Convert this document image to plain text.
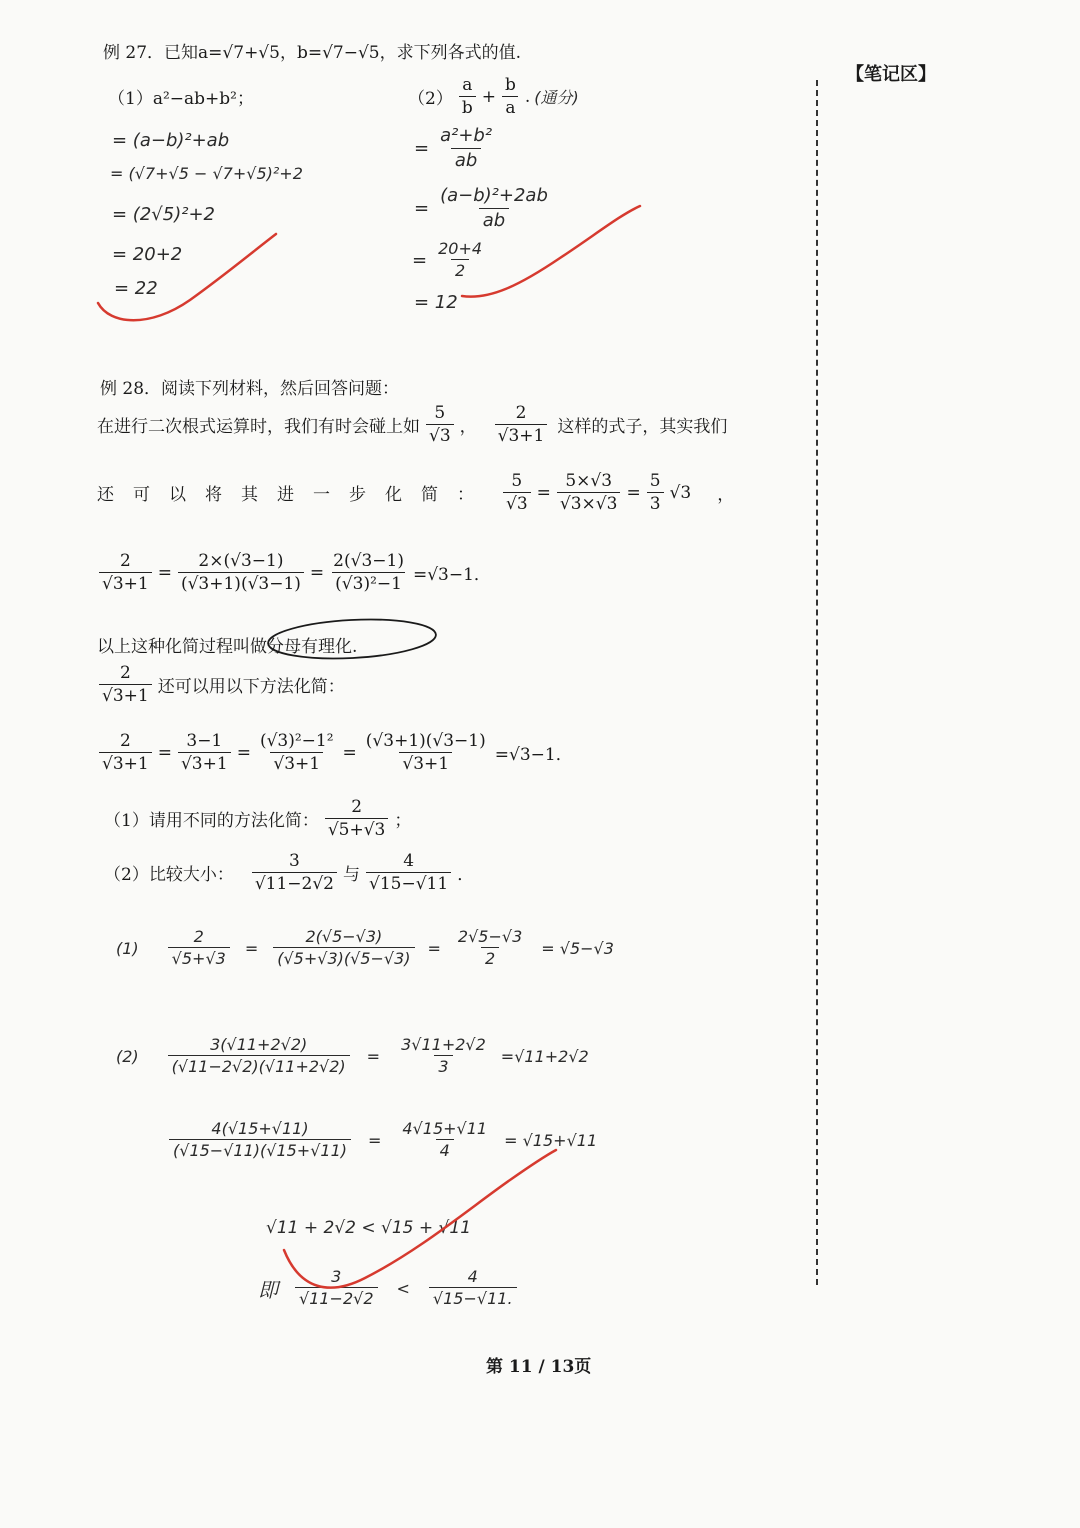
【笔记区】
例 27．已知a=√7+√5，b=√7−√5，求下列各式的值.
（1）a²−ab+b²；	$(2) \frac{a}{b} + \frac{b}{a}$ . (通分)
= (a−b)²+ab
= (√7+√5 − √7+√5)²+2
= (2√5)²+2
= 20+2
= 22
= $\frac{\text{a²+b²}}{ab}$
= $\frac{\text{(a−b)²+2ab}}{ab}$
= $\frac{20+4}{2}$
= 12
例 28．阅读下列材料，然后回答问题：
在进行二次根式运算时，我们有时会碰上如 $\frac{5}{√3}$ ， $\frac{2}{√3+1}$ 这样的式子，其实我们
还可以将其进一步化简： $\frac{5}{√3} = \frac{5\times√3}{√3\times√3} = \frac{5}{3} √3$ ，
$\frac{2}{√3+1} = \frac{2\times(√3-1)}{(√3+1)(√3-1)} = \frac{2(√3-1)}{\text{(√3)²−1}} =√3-1$．
以上这种化简过程叫做分母有理化.
$\frac{2}{√3+1}$ 还可以用以下方法化简：
$\frac{2}{√3+1} = \frac{3-1}{√3+1} = \frac{\text{(√3)²−1²}}{√3+1} = \frac{(√3+1)(√3-1)}{√3+1} =√3-1$．
（1）请用不同的方法化简： $\frac{2}{√5+√3}$ ；
（2）比较大小： $\frac{3}{√11-2√2}$ 与 $\frac{4}{√15-√11}$ ．
$(1) \frac{2}{√5+√3} = \frac{2(√5-√3)}{(√5+√3)(√5-√3)} = \frac{2√5-√3}{2} = √5-√3$
$(2) \frac{3(√11+2√2)}{(√11-2√2)(√11+2√2)} = \frac{3√11+2√2}{3} =√11+2√2$
$\frac{4(√15+√11)}{(√15-√11)(√15+√11)} = \frac{4√15+√11}{4} = √15+√11$
√11 + 2√2 < √15 + √11
即 $\frac{3}{√11-2√2} < \frac{4}{√15-√11.}$
第 11 / 13页
